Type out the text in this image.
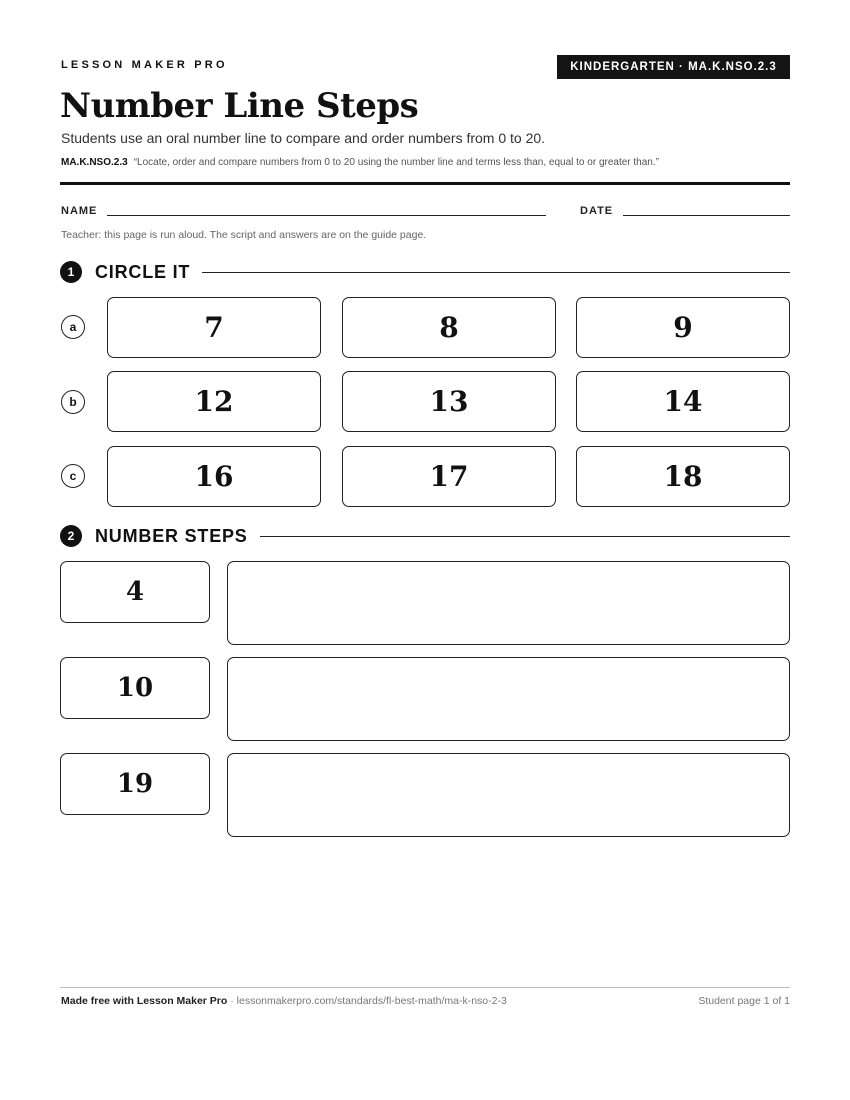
LESSON MAKER PRO	KINDERGARTEN · MA.K.NSO.2.3
Number Line Steps
Students use an oral number line to compare and order numbers from 0 to 20.
MA.K.NSO.2.3 “Locate, order and compare numbers from 0 to 20 using the number line and terms less than, equal to or greater than.”
NAME	DATE
Teacher: this page is run aloud. The script and answers are on the guide page.
1	CIRCLE IT
a	7	8	9
b	12	13	14
c	16	17	18
2	NUMBER STEPS
4
10
19
Made free with Lesson Maker Pro · lessonmakerpro.com/standards/fl-best-math/ma-k-nso-2-3	Student page 1 of 1
